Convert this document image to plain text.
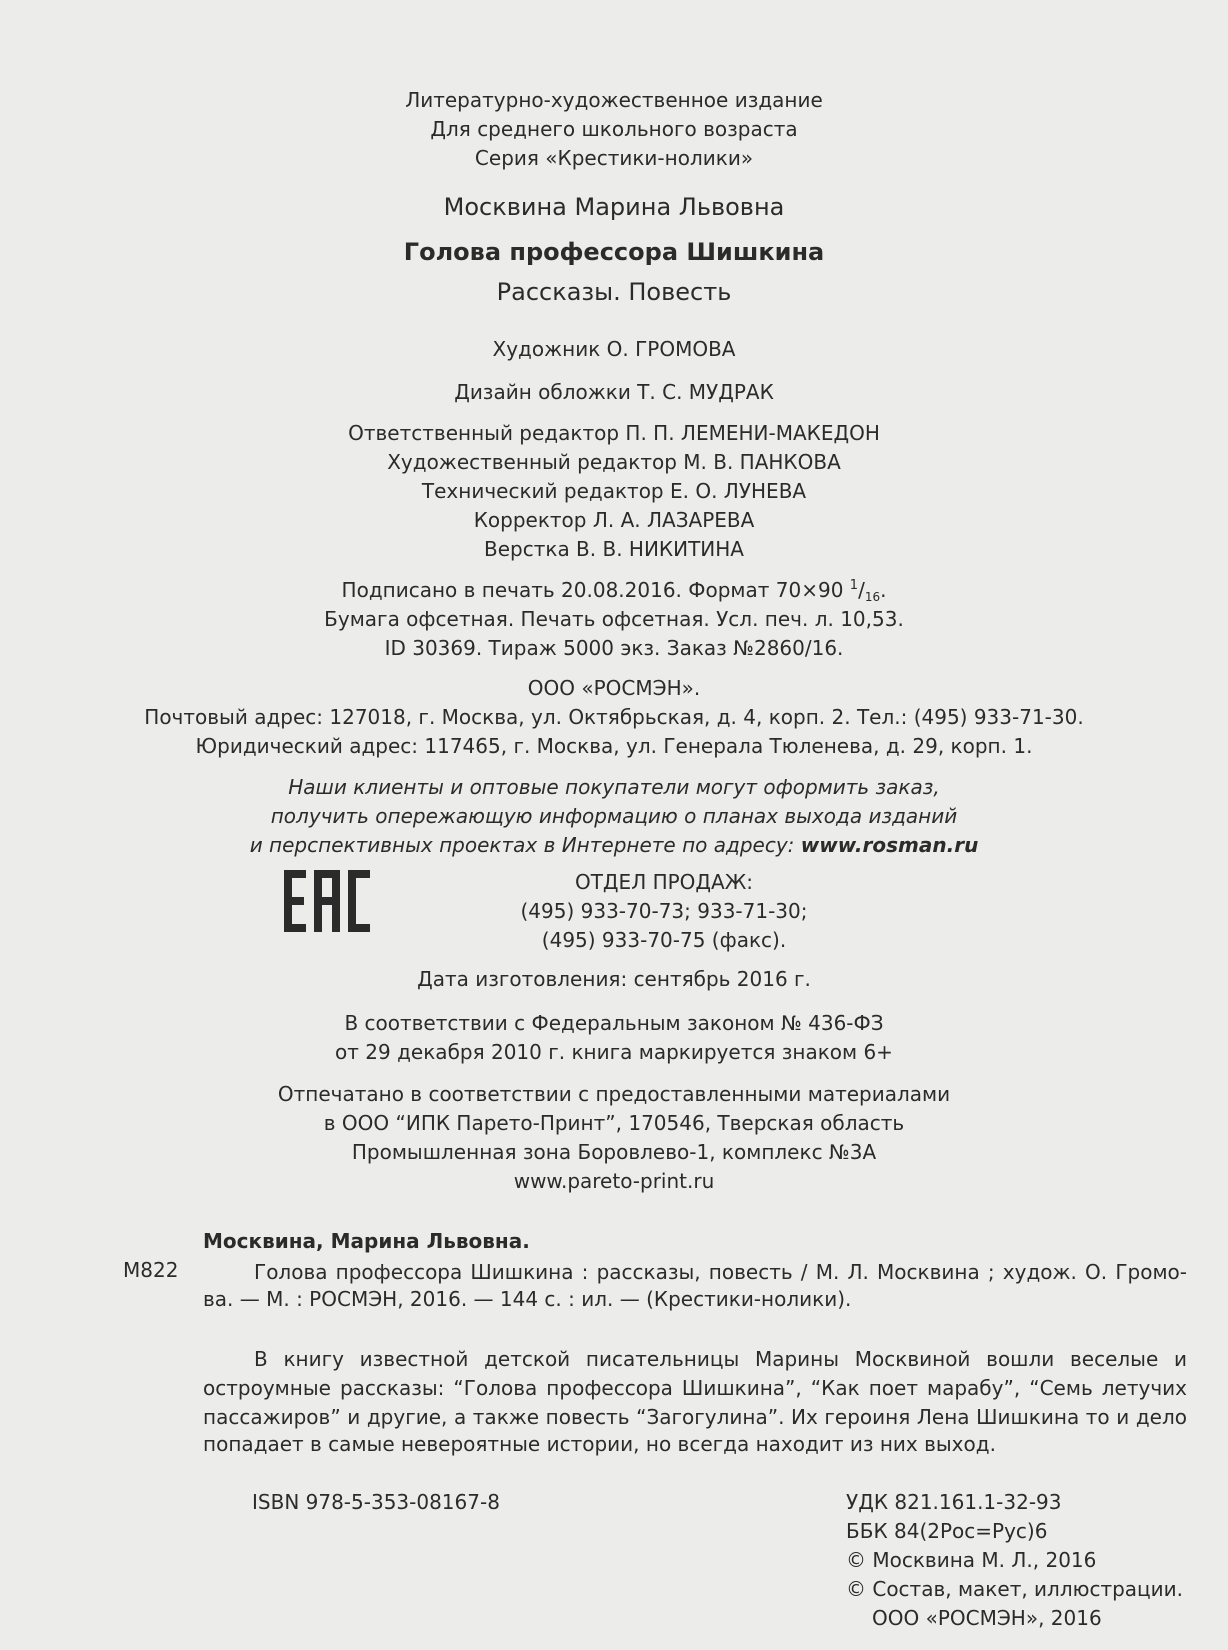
Литературно-художественное издание
Для среднего школьного возраста
Серия «Крестики-нолики»
Москвина Марина Львовна
Голова профессора Шишкина
Рассказы. Повесть
Художник О. ГРОМОВА
Дизайн обложки Т. С. МУДРАК
Ответственный редактор П. П. ЛЕМЕНИ-МАКЕДОН
Художественный редактор М. В. ПАНКОВА
Технический редактор Е. О. ЛУНЕВА
Корректор Л. А. ЛАЗАРЕВА
Верстка В. В. НИКИТИНА
Подписано в печать 20.08.2016. Формат 70×90 $^1/_{16}$.
Бумага офсетная. Печать офсетная. Усл. печ. л. 10,53.
ID 30369. Тираж 5000 экз. Заказ №2860/16.
ООО «РОСМЭН».
Почтовый адрес: 127018, г. Москва, ул. Октябрьская, д. 4, корп. 2. Тел.: (495) 933-71-30.
Юридический адрес: 117465, г. Москва, ул. Генерала Тюленева, д. 29, корп. 1.
Наши клиенты и оптовые покупатели могут оформить заказ,
получить опережающую информацию о планах выхода изданий
и перспективных проектах в Интернете по адресу: www.rosman.ru
ОТДЕЛ ПРОДАЖ:
(495) 933-70-73; 933-71-30;
(495) 933-70-75 (факс).
Дата изготовления: сентябрь 2016 г.
В соответствии с Федеральным законом № 436-ФЗ
от 29 декабря 2010 г. книга маркируется знаком 6+
Отпечатано в соответствии с предоставленными материалами
в ООО “ИПК Парето-Принт”, 170546, Тверская область
Промышленная зона Боровлево-1, комплекс №3А
www.pareto-print.ru
Москвина, Марина Львовна.
М822	Голова профессора Шишкина : рассказы, повесть / М. Л. Москвина ; худож. О. Громо-
ва. — М. : РОСМЭН, 2016. — 144 с. : ил. — (Крестики-нолики).
В книгу известной детской писательницы Марины Москвиной вошли веселые и
остроумные рассказы: “Голова профессора Шишкина”, “Как поет марабу”, “Семь летучих
пассажиров” и другие, а также повесть “Загогулина”. Их героиня Лена Шишкина то и дело
попадает в самые невероятные истории, но всегда находит из них выход.
ISBN 978-5-353-08167-8	УДК 821.161.1-32-93
ББК 84(2Рос=Рус)6
© Москвина М. Л., 2016
© Состав, макет, иллюстрации.
ООО «РОСМЭН», 2016
